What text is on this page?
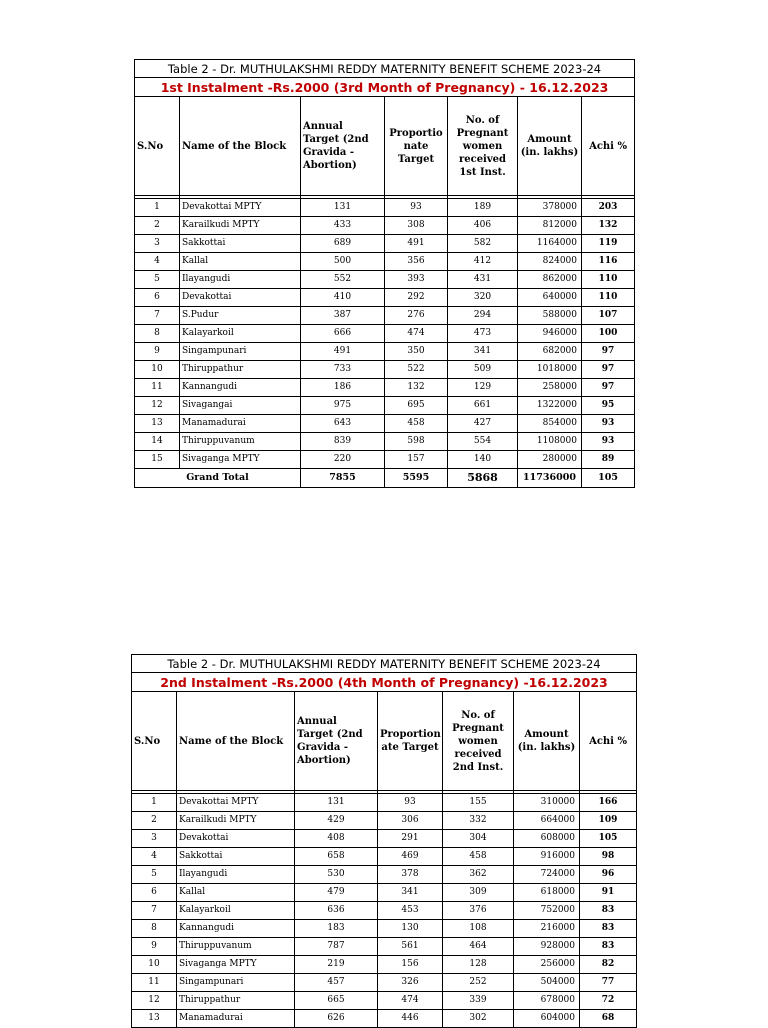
Table 2 - Dr. MUTHULAKSHMI REDDY MATERNITY BENEFIT SCHEME 2023-24						
1st Instalment -Rs.2000 (3rd Month of Pregnancy) - 16.12.2023						
S.No	Name of the Block	Annual Target (2nd Gravida - Abortion)	Proportio nate Target	No. of Pregnant women received 1st Inst.	Amount (in. lakhs)	Achi %

1	Devakottai MPTY	131	93	189	378000	203
2	Karailkudi MPTY	433	308	406	812000	132
3	Sakkottai	689	491	582	1164000	119
4	Kallal	500	356	412	824000	116
5	Ilayangudi	552	393	431	862000	110
6	Devakottai	410	292	320	640000	110
7	S.Pudur	387	276	294	588000	107
8	Kalayarkoil	666	474	473	946000	100
9	Singampunari	491	350	341	682000	97
10	Thiruppathur	733	522	509	1018000	97
11	Kannangudi	186	132	129	258000	97
12	Sivagangai	975	695	661	1322000	95
13	Manamadurai	643	458	427	854000	93
14	Thiruppuvanum	839	598	554	1108000	93
15	Sivaganga MPTY	220	157	140	280000	89
Grand Total		7855	5595	5868	11736000	105
Table 2 - Dr. MUTHULAKSHMI REDDY MATERNITY BENEFIT SCHEME 2023-24						
2nd Instalment -Rs.2000 (4th Month of Pregnancy) -16.12.2023						
S.No	Name of the Block	Annual Target (2nd Gravida - Abortion)	Proportion ate Target	No. of Pregnant women received 2nd Inst.	Amount (in. lakhs)	Achi %

1	Devakottai MPTY	131	93	155	310000	166
2	Karailkudi MPTY	429	306	332	664000	109
3	Devakottai	408	291	304	608000	105
4	Sakkottai	658	469	458	916000	98
5	Ilayangudi	530	378	362	724000	96
6	Kallal	479	341	309	618000	91
7	Kalayarkoil	636	453	376	752000	83
8	Kannangudi	183	130	108	216000	83
9	Thiruppuvanum	787	561	464	928000	83
10	Sivaganga MPTY	219	156	128	256000	82
11	Singampunari	457	326	252	504000	77
12	Thiruppathur	665	474	339	678000	72
13	Manamadurai	626	446	302	604000	68
